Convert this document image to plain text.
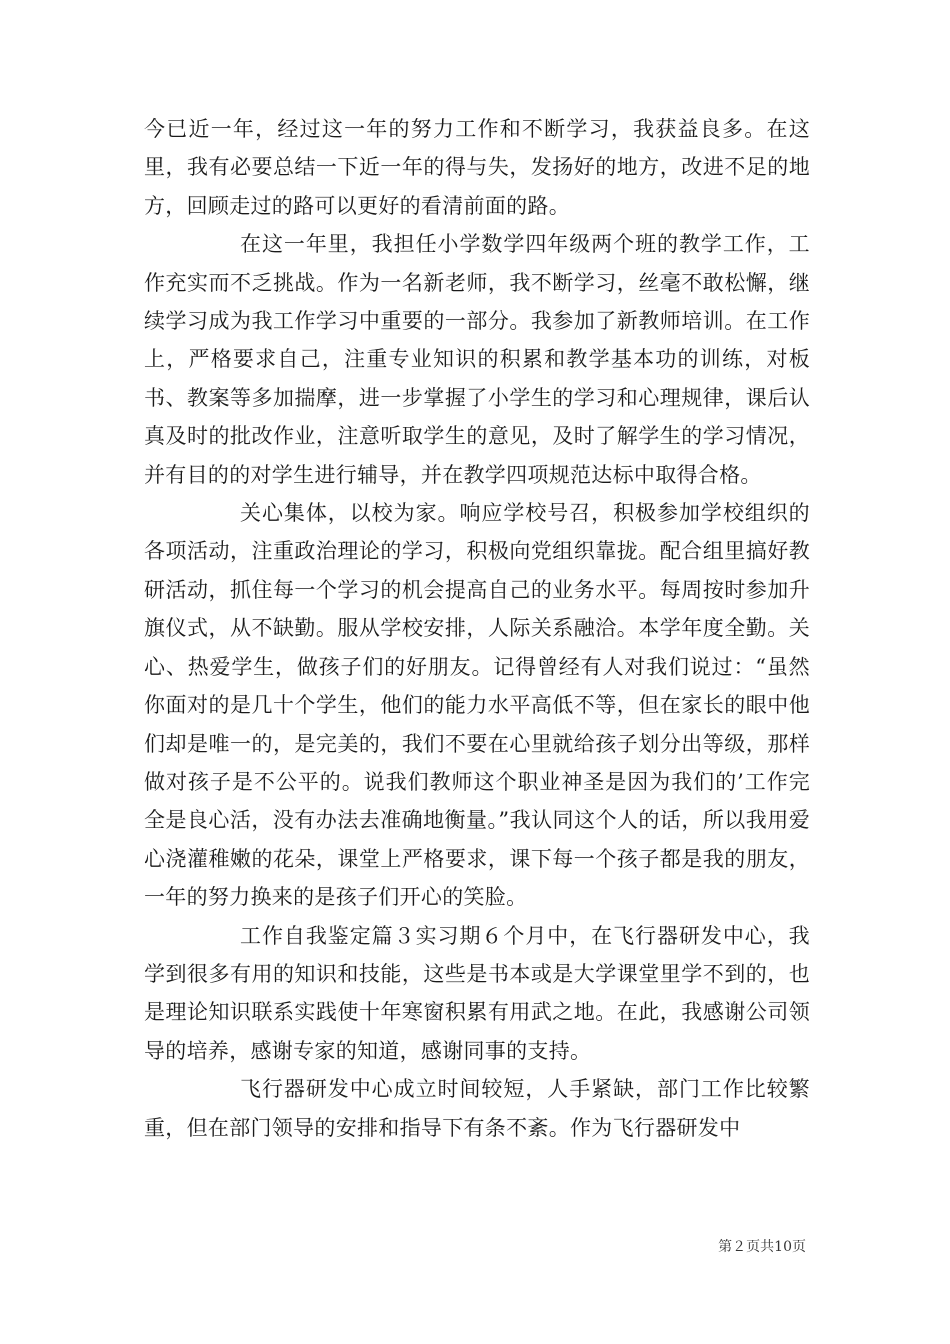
今已近一年，经过这一年的努力工作和不断学习，我获益良多。在这里，我有必要总结一下近一年的得与失，发扬好的地方，改进不足的地方，回顾走过的路可以更好的看清前面的路。

在这一年里，我担任小学数学四年级两个班的教学工作，工作充实而不乏挑战。作为一名新老师，我不断学习，丝毫不敢松懈，继续学习成为我工作学习中重要的一部分。我参加了新教师培训。在工作上，严格要求自己，注重专业知识的积累和教学基本功的训练，对板书、教案等多加揣摩，进一步掌握了小学生的学习和心理规律，课后认真及时的批改作业，注意听取学生的意见，及时了解学生的学习情况，并有目的的对学生进行辅导，并在教学四项规范达标中取得合格。

关心集体，以校为家。响应学校号召，积极参加学校组织的各项活动，注重政治理论的学习，积极向党组织靠拢。配合组里搞好教研活动，抓住每一个学习的机会提高自己的业务水平。每周按时参加升旗仪式，从不缺勤。服从学校安排，人际关系融洽。本学年度全勤。关心、热爱学生，做孩子们的好朋友。记得曾经有人对我们说过：“虽然你面对的是几十个学生，他们的能力水平高低不等，但在家长的眼中他们却是唯一的，是完美的，我们不要在心里就给孩子划分出等级，那样做对孩子是不公平的。说我们教师这个职业神圣是因为我们的’工作完全是良心活，没有办法去准确地衡量。”我认同这个人的话，所以我用爱心浇灌稚嫩的花朵，课堂上严格要求，课下每一个孩子都是我的朋友，一年的努力换来的是孩子们开心的笑脸。

工作自我鉴定篇３实习期６个月中，在飞行器研发中心，我学到很多有用的知识和技能，这些是书本或是大学课堂里学不到的，也是理论知识联系实践使十年寒窗积累有用武之地。在此，我感谢公司领导的培养，感谢专家的知道，感谢同事的支持。

飞行器研发中心成立时间较短，人手紧缺，部门工作比较繁重，但在部门领导的安排和指导下有条不紊。作为飞行器研发中

第２页共10页
